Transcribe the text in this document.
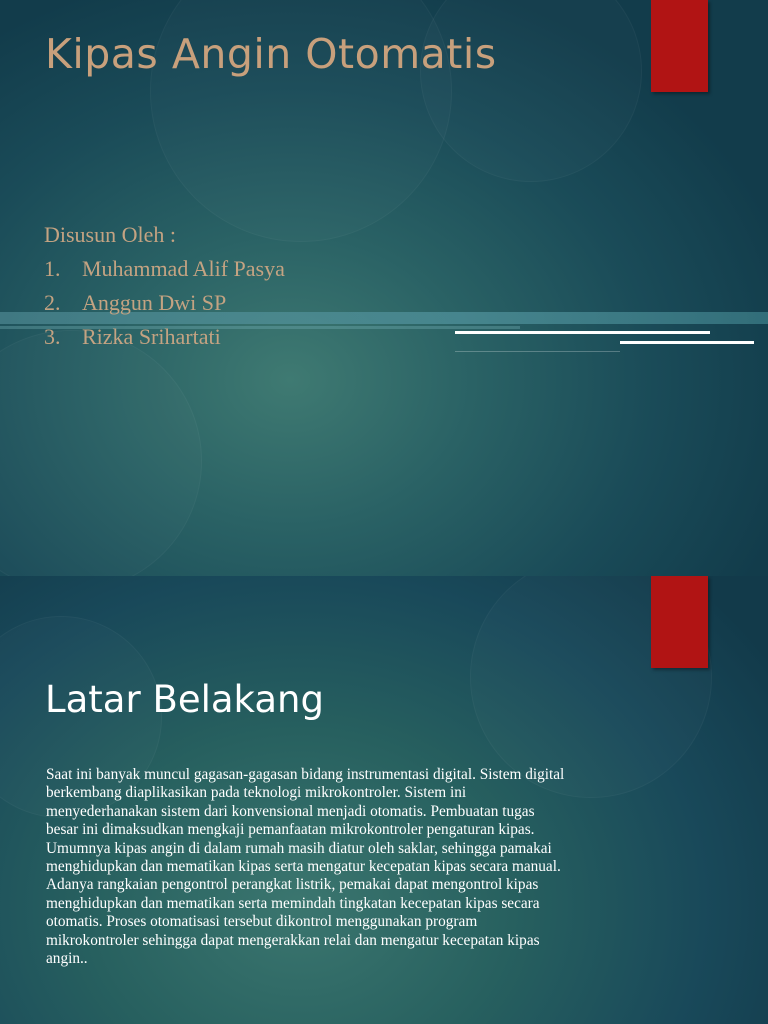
Kipas Angin Otomatis
Disusun Oleh :
1. Muhammad Alif Pasya
2. Anggun Dwi SP
3. Rizka Srihartati
Latar Belakang

Saat ini banyak muncul gagasan-gagasan bidang instrumentasi digital. Sistem digital
berkembang diaplikasikan pada teknologi mikrokontroler. Sistem ini
menyederhanakan sistem dari konvensional menjadi otomatis. Pembuatan tugas
besar ini dimaksudkan mengkaji pemanfaatan mikrokontroler pengaturan kipas.
Umumnya kipas angin di dalam rumah masih diatur oleh saklar, sehingga pamakai
menghidupkan dan mematikan kipas serta mengatur kecepatan kipas secara manual.
Adanya rangkaian pengontrol perangkat listrik, pemakai dapat mengontrol kipas
menghidupkan dan mematikan serta memindah tingkatan kecepatan kipas secara
otomatis. Proses otomatisasi tersebut dikontrol menggunakan program
mikrokontroler sehingga dapat mengerakkan relai dan mengatur kecepatan kipas
angin..
